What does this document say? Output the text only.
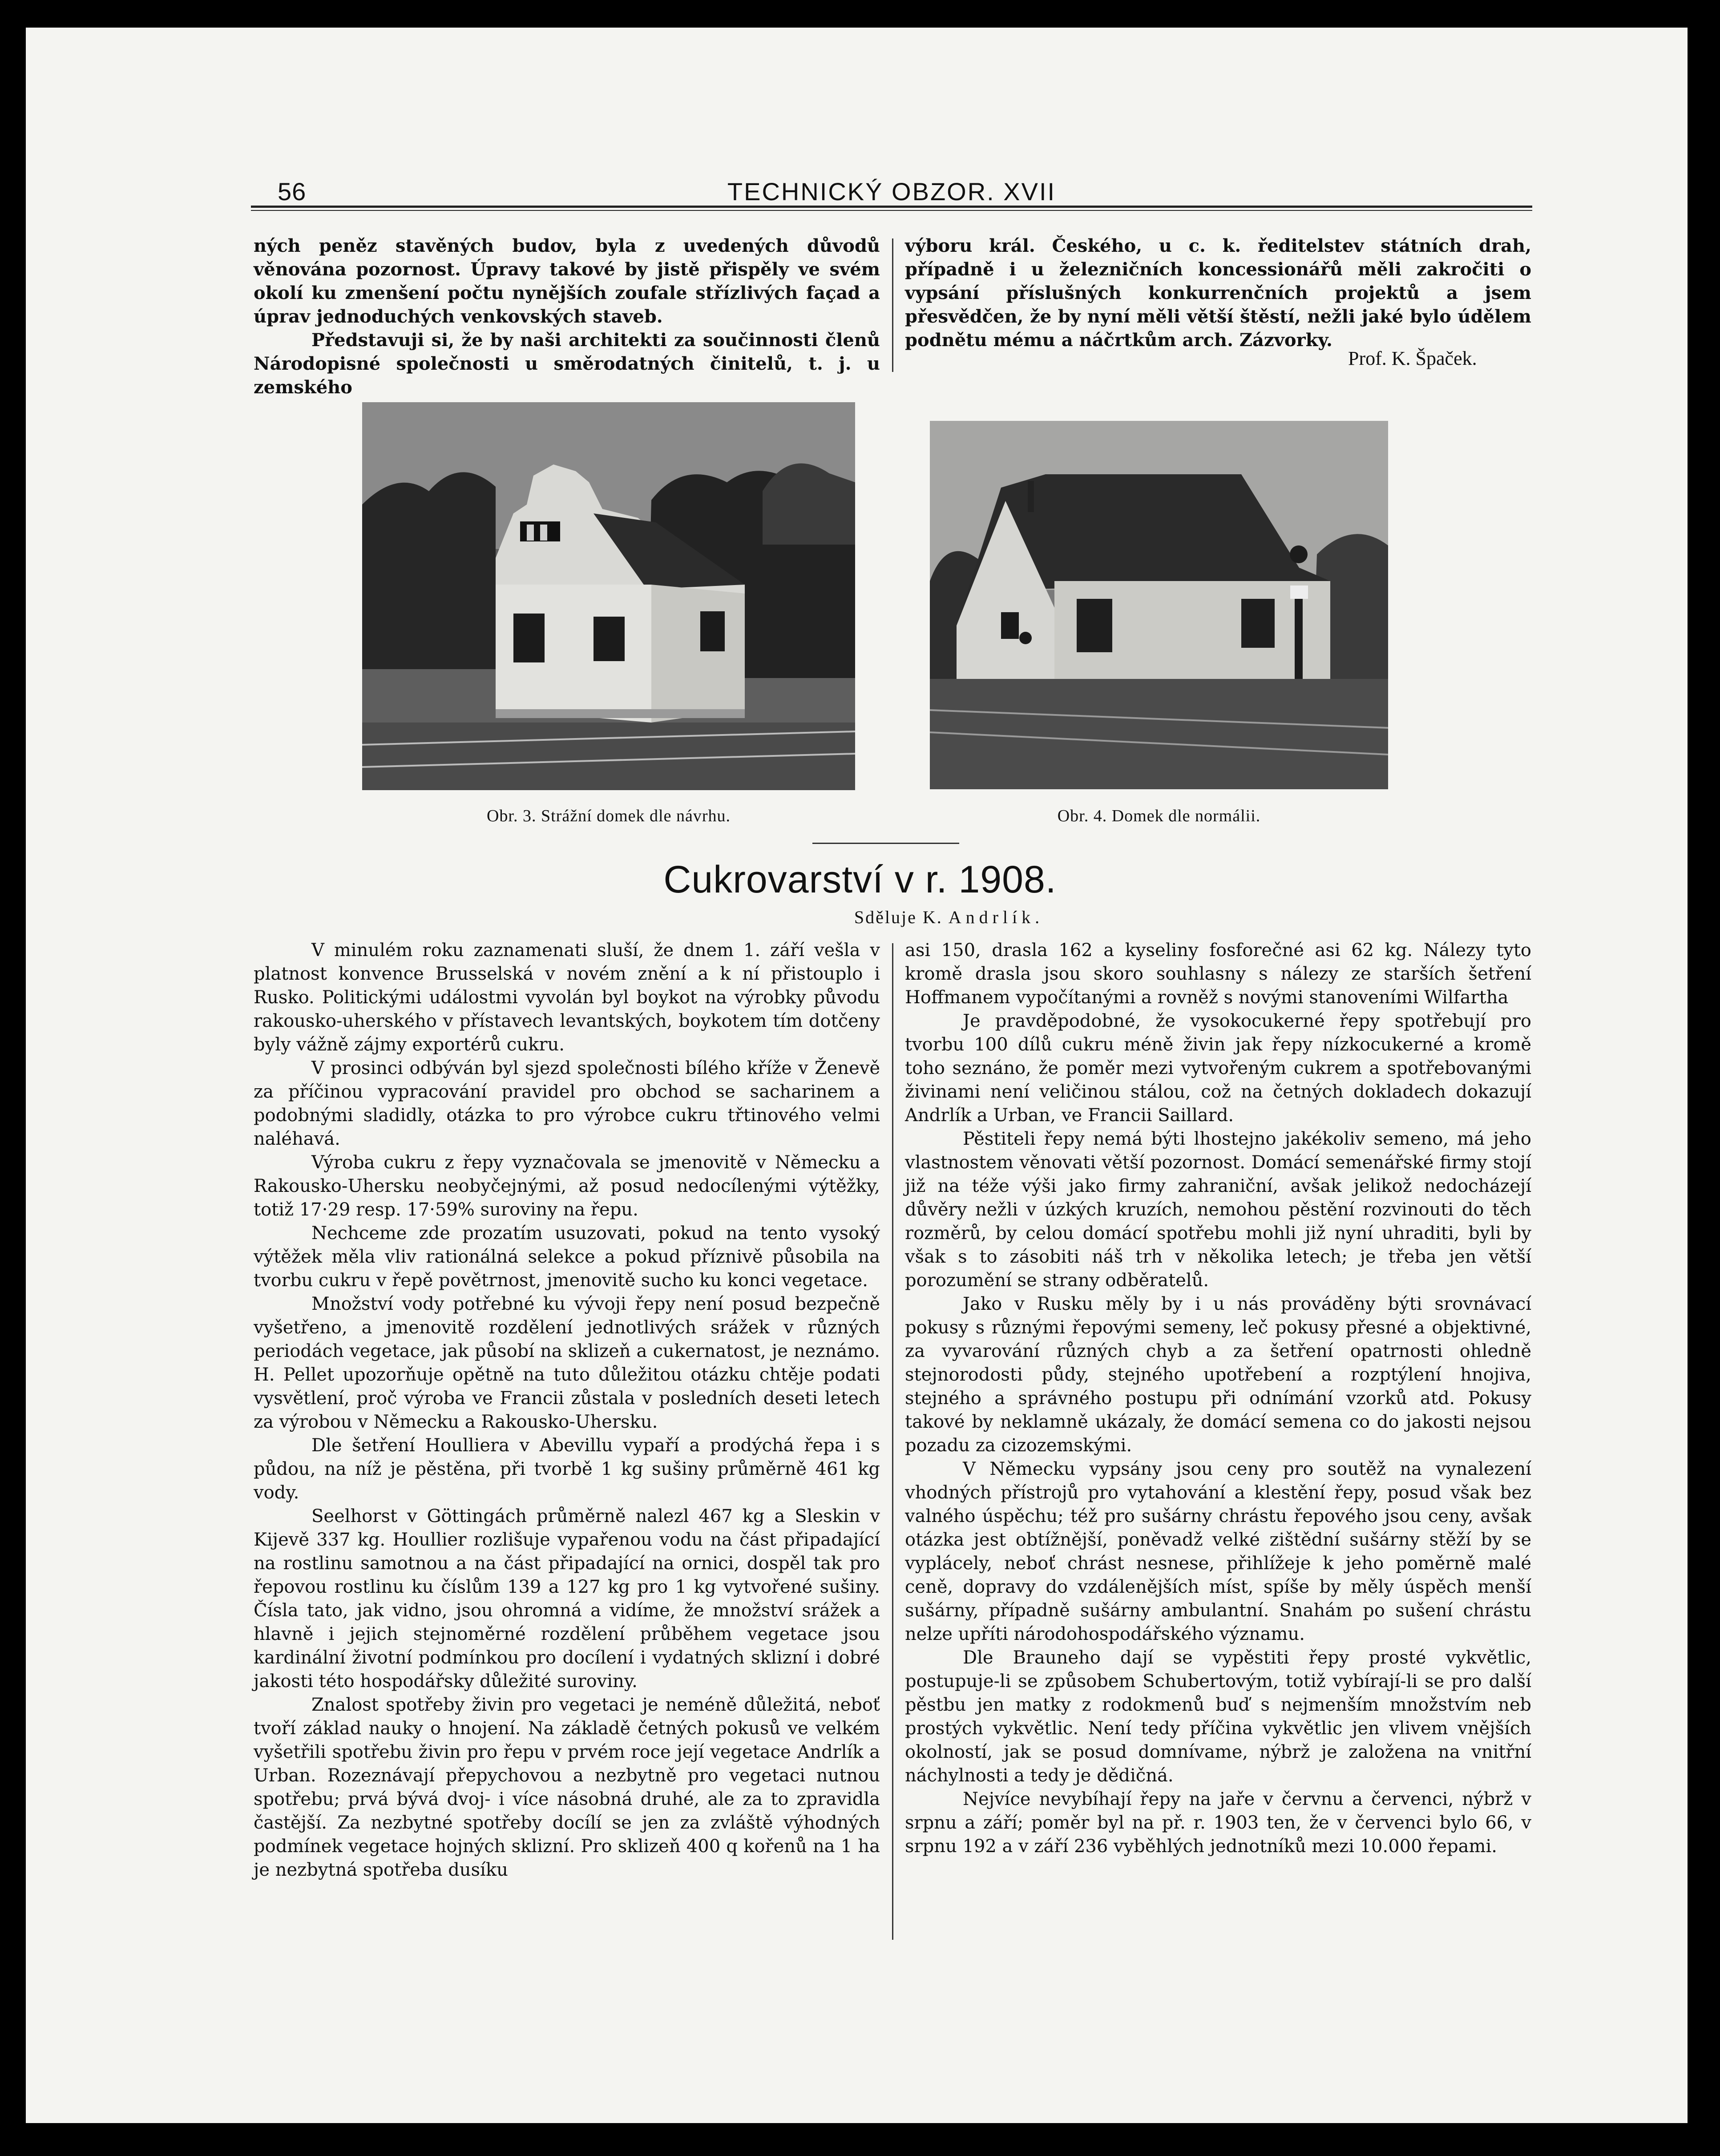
56	TECHNICKÝ OBZOR. XVII

ných peněz stavěných budov, byla z uvedených důvodů věnována pozornost. Úpravy takové by jistě přispěly ve svém okolí ku zmenšení počtu nynějších zoufale střízlivých façad a úprav jednoduchých venkovských staveb.

Představuji si, že by naši architekti za součinnosti členů Národopisné společnosti u směrodatných činitelů, t. j. u zemského

výboru král. Českého, u c. k. ředitelstev státních drah, případně i u železničních koncessionářů měli zakročiti o vypsání příslušných konkurrenčních projektů a jsem přesvědčen, že by nyní měli větší štěstí, nežli jaké bylo údělem podnětu mému a náčrtkům arch. Zázvorky.

Prof. K. Špaček.
Obr. 3. Strážní domek dle návrhu.	Obr. 4. Domek dle normálii.
Cukrovarství v r. 1908.
Sděluje K. Andrlík.

V minulém roku zaznamenati sluší, že dnem 1. září vešla v platnost konvence Brusselská v novém znění a k ní přistouplo i Rusko. Politickými událostmi vyvolán byl boykot na výrobky původu rakousko-uherského v přístavech levantských, boykotem tím dotčeny byly vážně zájmy exportérů cukru.

V prosinci odbýván byl sjezd společnosti bílého kříže v Ženevě za příčinou vypracování pravidel pro obchod se sacharinem a podobnými sladidly, otázka to pro výrobce cukru třtinového velmi naléhavá.

Výroba cukru z řepy vyznačovala se jmenovitě v Německu a Rakousko-Uhersku neobyčejnými, až posud nedocílenými výtěžky, totiž 17·29 resp. 17·59% suroviny na řepu.

Nechceme zde prozatím usuzovati, pokud na tento vysoký výtěžek měla vliv rationálná selekce a pokud příznivě působila na tvorbu cukru v řepě povětrnost, jmenovitě sucho ku konci vegetace.

Množství vody potřebné ku vývoji řepy není posud bezpečně vyšetřeno, a jmenovitě rozdělení jednotlivých srážek v různých periodách vegetace, jak působí na sklizeň a cukernatost, je neznámo. H. Pellet upozorňuje opětně na tuto důležitou otázku chtěje podati vysvětlení, proč výroba ve Francii zůstala v posledních deseti letech za výrobou v Německu a Rakousko-Uhersku.

Dle šetření Houlliera v Abevillu vypaří a prodýchá řepa i s půdou, na níž je pěstěna, při tvorbě 1 kg sušiny průměrně 461 kg vody.

Seelhorst v Göttingách průměrně nalezl 467 kg a Sleskin v Kijevě 337 kg. Houllier rozlišuje vypařenou vodu na část připadající na rostlinu samotnou a na část připadající na ornici, dospěl tak pro řepovou rostlinu ku číslům 139 a 127 kg pro 1 kg vytvořené sušiny. Čísla tato, jak vidno, jsou ohromná a vidíme, že množství srážek a hlavně i jejich stejnoměrné rozdělení průběhem vegetace jsou kardinální životní podmínkou pro docílení i vydatných sklizní i dobré jakosti této hospodářsky důležité suroviny.

Znalost spotřeby živin pro vegetaci je neméně důležitá, neboť tvoří základ nauky o hnojení. Na základě četných pokusů ve velkém vyšetřili spotřebu živin pro řepu v prvém roce její vegetace Andrlík a Urban. Rozeznávají přepychovou a nezbytně pro vegetaci nutnou spotřebu; prvá bývá dvoj- i více násobná druhé, ale za to zpravidla častější. Za nezbytné spotřeby docílí se jen za zvláště výhodných podmínek vegetace hojných sklizní. Pro sklizeň 400 q kořenů na 1 ha je nezbytná spotřeba dusíku

asi 150, drasla 162 a kyseliny fosforečné asi 62 kg. Nálezy tyto kromě drasla jsou skoro souhlasny s nálezy ze starších šetření Hoffmanem vypočítanými a rovněž s novými stanoveními Wilfartha

Je pravděpodobné, že vysokocukerné řepy spotřebují pro tvorbu 100 dílů cukru méně živin jak řepy nízkocukerné a kromě toho seznáno, že poměr mezi vytvořeným cukrem a spotřebovanými živinami není veličinou stálou, což na četných dokladech dokazují Andrlík a Urban, ve Francii Saillard.

Pěstiteli řepy nemá býti lhostejno jakékoliv semeno, má jeho vlastnostem věnovati větší pozornost. Domácí semenářské firmy stojí již na téže výši jako firmy zahraniční, avšak jelikož nedocházejí důvěry nežli v úzkých kruzích, nemohou pěstění rozvinouti do těch rozměrů, by celou domácí spotřebu mohli již nyní uhraditi, byli by však s to zásobiti náš trh v několika letech; je třeba jen větší porozumění se strany odběratelů.

Jako v Rusku měly by i u nás prováděny býti srovnávací pokusy s různými řepovými semeny, leč pokusy přesné a objektivné, za vyvarování různých chyb a za šetření opatrnosti ohledně stejnorodosti půdy, stejného upotřebení a rozptýlení hnojiva, stejného a správného postupu při odnímání vzorků atd. Pokusy takové by neklamně ukázaly, že domácí semena co do jakosti nejsou pozadu za cizozemskými.

V Německu vypsány jsou ceny pro soutěž na vynalezení vhodných přístrojů pro vytahování a klestění řepy, posud však bez valného úspěchu; též pro sušárny chrástu řepového jsou ceny, avšak otázka jest obtížnější, poněvadž velké zištědní sušárny stěží by se vyplácely, neboť chrást nesnese, přihlížeje k jeho poměrně malé ceně, dopravy do vzdálenějších míst, spíše by měly úspěch menší sušárny, případně sušárny ambulantní. Snahám po sušení chrástu nelze upříti národohospodářského významu.

Dle Brauneho dají se vypěstiti řepy prosté vykvětlic, postupuje-li se způsobem Schubertovým, totiž vybírají-li se pro další pěstbu jen matky z rodokmenů buď s nejmenším množstvím neb prostých vykvětlic. Není tedy příčina vykvětlic jen vlivem vnějších okolností, jak se posud domnívame, nýbrž je založena na vnitřní náchylnosti a tedy je dědičná.

Nejvíce nevybíhají řepy na jaře v červnu a červenci, nýbrž v srpnu a září; poměr byl na př. r. 1903 ten, že v červenci bylo 66, v srpnu 192 a v září 236 vyběhlých jednotníků mezi 10.000 řepami.
